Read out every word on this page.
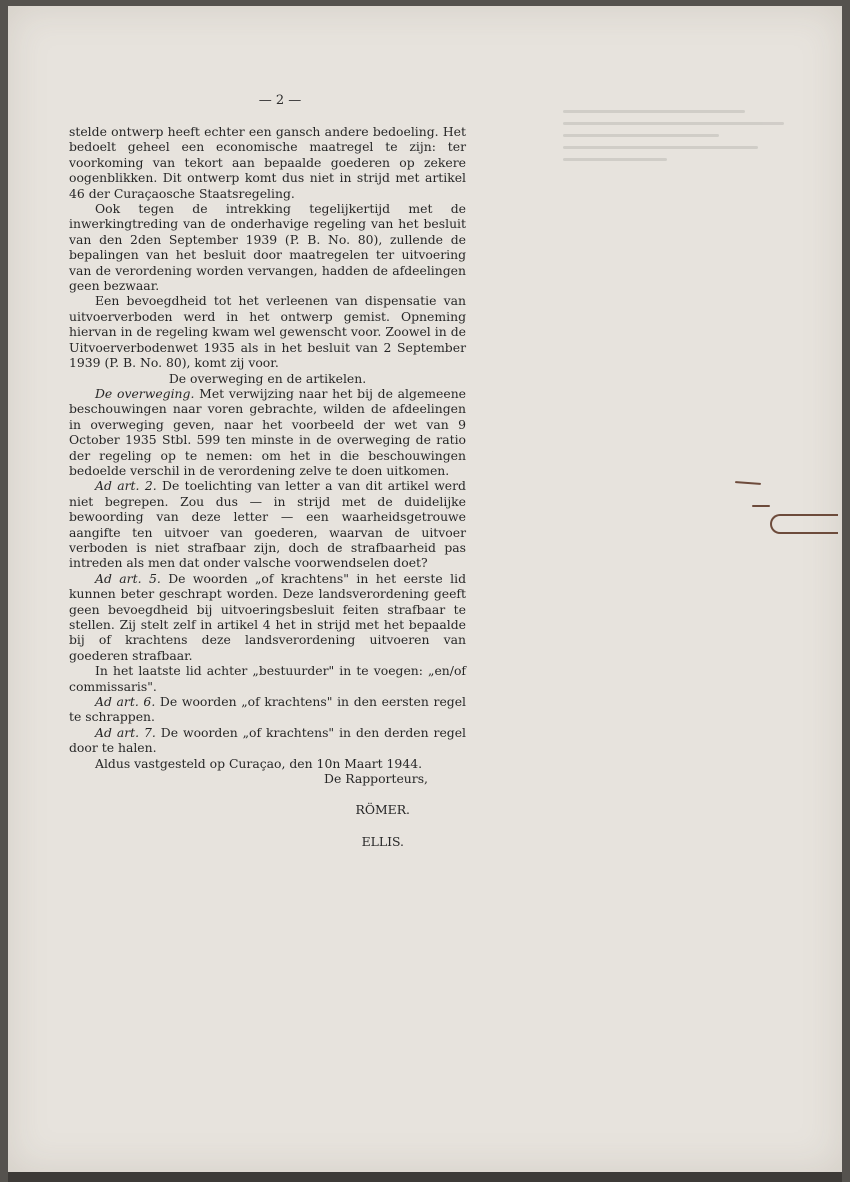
— 2 —

stelde ontwerp heeft echter een gansch andere bedoeling. Het bedoelt geheel een economische maatregel te zijn: ter voorkoming van tekort aan bepaalde goederen op zekere oogenblikken. Dit ontwerp komt dus niet in strijd met artikel 46 der Curaçaosche Staatsregeling.

Ook tegen de intrekking tegelijkertijd met de inwerkingtreding van de onderhavige regeling van het besluit van den 2den September 1939 (P. B. No. 80), zullende de bepalingen van het besluit door maatregelen ter uitvoering van de verordening worden vervangen, hadden de afdeelingen geen bezwaar.

Een bevoegdheid tot het verleenen van dispensatie van uitvoerverboden werd in het ontwerp gemist. Opneming hiervan in de regeling kwam wel gewenscht voor. Zoowel in de Uitvoerverbodenwet 1935 als in het besluit van 2 September 1939 (P. B. No. 80), komt zij voor.

De overweging en de artikelen.

De overweging. Met verwijzing naar het bij de algemeene beschouwingen naar voren gebrachte, wilden de afdeelingen in overweging geven, naar het voorbeeld der wet van 9 October 1935 Stbl. 599 ten minste in de overweging de ratio der regeling op te nemen: om het in die beschouwingen bedoelde verschil in de verordening zelve te doen uitkomen.

Ad art. 2. De toelichting van letter a van dit artikel werd niet begrepen. Zou dus — in strijd met de duidelijke bewoording van deze letter — een waarheidsgetrouwe aangifte ten uitvoer van goederen, waarvan de uitvoer verboden is niet strafbaar zijn, doch de strafbaarheid pas intreden als men dat onder valsche voorwendselen doet?

Ad art. 5. De woorden „of krachtens" in het eerste lid kunnen beter geschrapt worden. Deze landsverordening geeft geen bevoegdheid bij uitvoeringsbesluit feiten strafbaar te stellen. Zij stelt zelf in artikel 4 het in strijd met het bepaalde bij of krachtens deze landsverordening uitvoeren van goederen strafbaar.

In het laatste lid achter „bestuurder" in te voegen: „en/of commissaris".

Ad art. 6. De woorden „of krachtens" in den eersten regel te schrappen.

Ad art. 7. De woorden „of krachtens" in den derden regel door te halen.

Aldus vastgesteld op Curaçao, den 10n Maart 1944.

De Rapporteurs,

RÖMER.

ELLIS.
